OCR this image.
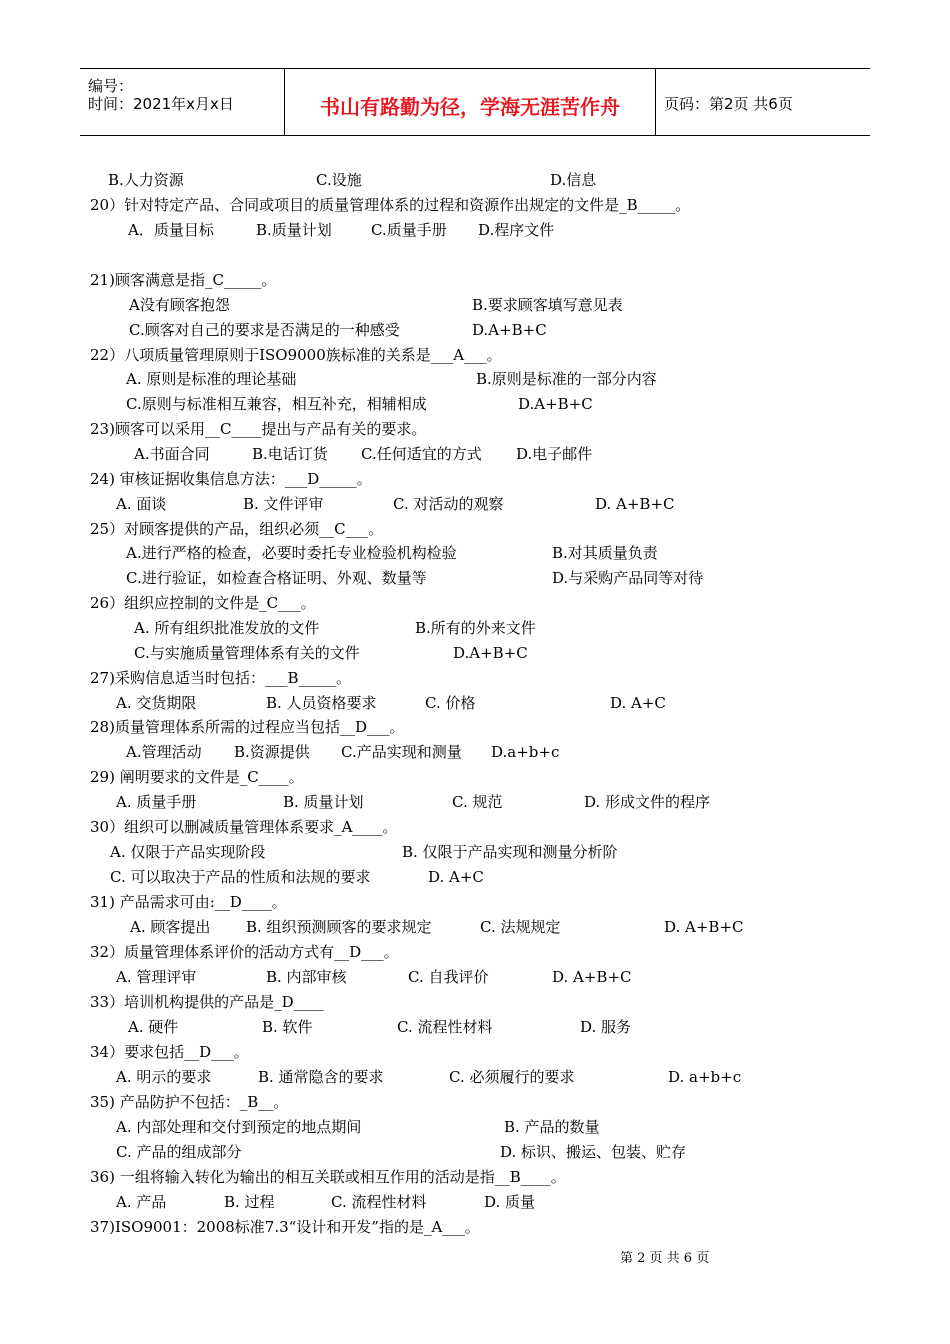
编号：
时间：2021年x月x日	书山有路勤为径，学海无涯苦作舟	页码：第2页 共6页
B.人力资源	C.设施	D.信息
20）针对特定产品、合同或项目的质量管理体系的过程和资源作出规定的文件是_B_____。
A．质量目标	B.质量计划	C.质量手册 D.程序文件
21)顾客满意是指_C_____。
A没有顾客抱怨	B.要求顾客填写意见表
C.顾客对自己的要求是否满足的一种感受	D.A+B+C
22）八项质量管理原则于ISO9000族标准的关系是___A___。
A. 原则是标准的理论基础	B.原则是标准的一部分内容
C.原则与标准相互兼容，相互补充，相辅相成	D.A+B+C
23)顾客可以采用__C____提出与产品有关的要求。
A.书面合同	B.电话订货 C.任何适宜的方式 D.电子邮件
24) 审核证据收集信息方法：___D_____。
A. 面谈	B. 文件评审	C. 对活动的观察	D. A+B+C
25）对顾客提供的产品，组织必须__C___。
A.进行严格的检查，必要时委托专业检验机构检验	B.对其质量负责
C.进行验证，如检查合格证明、外观、数量等	D.与采购产品同等对待
26）组织应控制的文件是_C___。
A. 所有组织批准发放的文件	B.所有的外来文件
C.与实施质量管理体系有关的文件	D.A+B+C
27)采购信息适当时包括：___B_____。
A. 交货期限	B. 人员资格要求	C. 价格	D. A+C
28)质量管理体系所需的过程应当包括__D___。
A.管理活动 B.资源提供 C.产品实现和测量 D.a+b+c
29) 阐明要求的文件是_C____。
A. 质量手册	B. 质量计划	C. 规范	D. 形成文件的程序
30）组织可以删减质量管理体系要求_A____。
A. 仅限于产品实现阶段	B. 仅限于产品实现和测量分析阶
C. 可以取决于产品的性质和法规的要求	D. A+C
31) 产品需求可由:__D____。
A. 顾客提出 B. 组织预测顾客的要求规定	C. 法规规定	D. A+B+C
32）质量管理体系评价的活动方式有__D___。
A. 管理评审	B. 内部审核	C. 自我评价	D. A+B+C
33）培训机构提供的产品是_D____
A. 硬件	B. 软件	C. 流程性材料	D. 服务
34）要求包括__D___。
A. 明示的要求	B. 通常隐含的要求	C. 必须履行的要求	D. a+b+c
35) 产品防护不包括：_B__。
A. 内部处理和交付到预定的地点期间	B. 产品的数量
C. 产品的组成部分	D. 标识、搬运、包装、贮存
36) 一组将输入转化为输出的相互关联或相互作用的活动是指__B____。
A. 产品	B. 过程	C. 流程性材料	D. 质量
37)ISO9001：2008标准7.3“设计和开发”指的是_A___。
第 2 页 共 6 页
